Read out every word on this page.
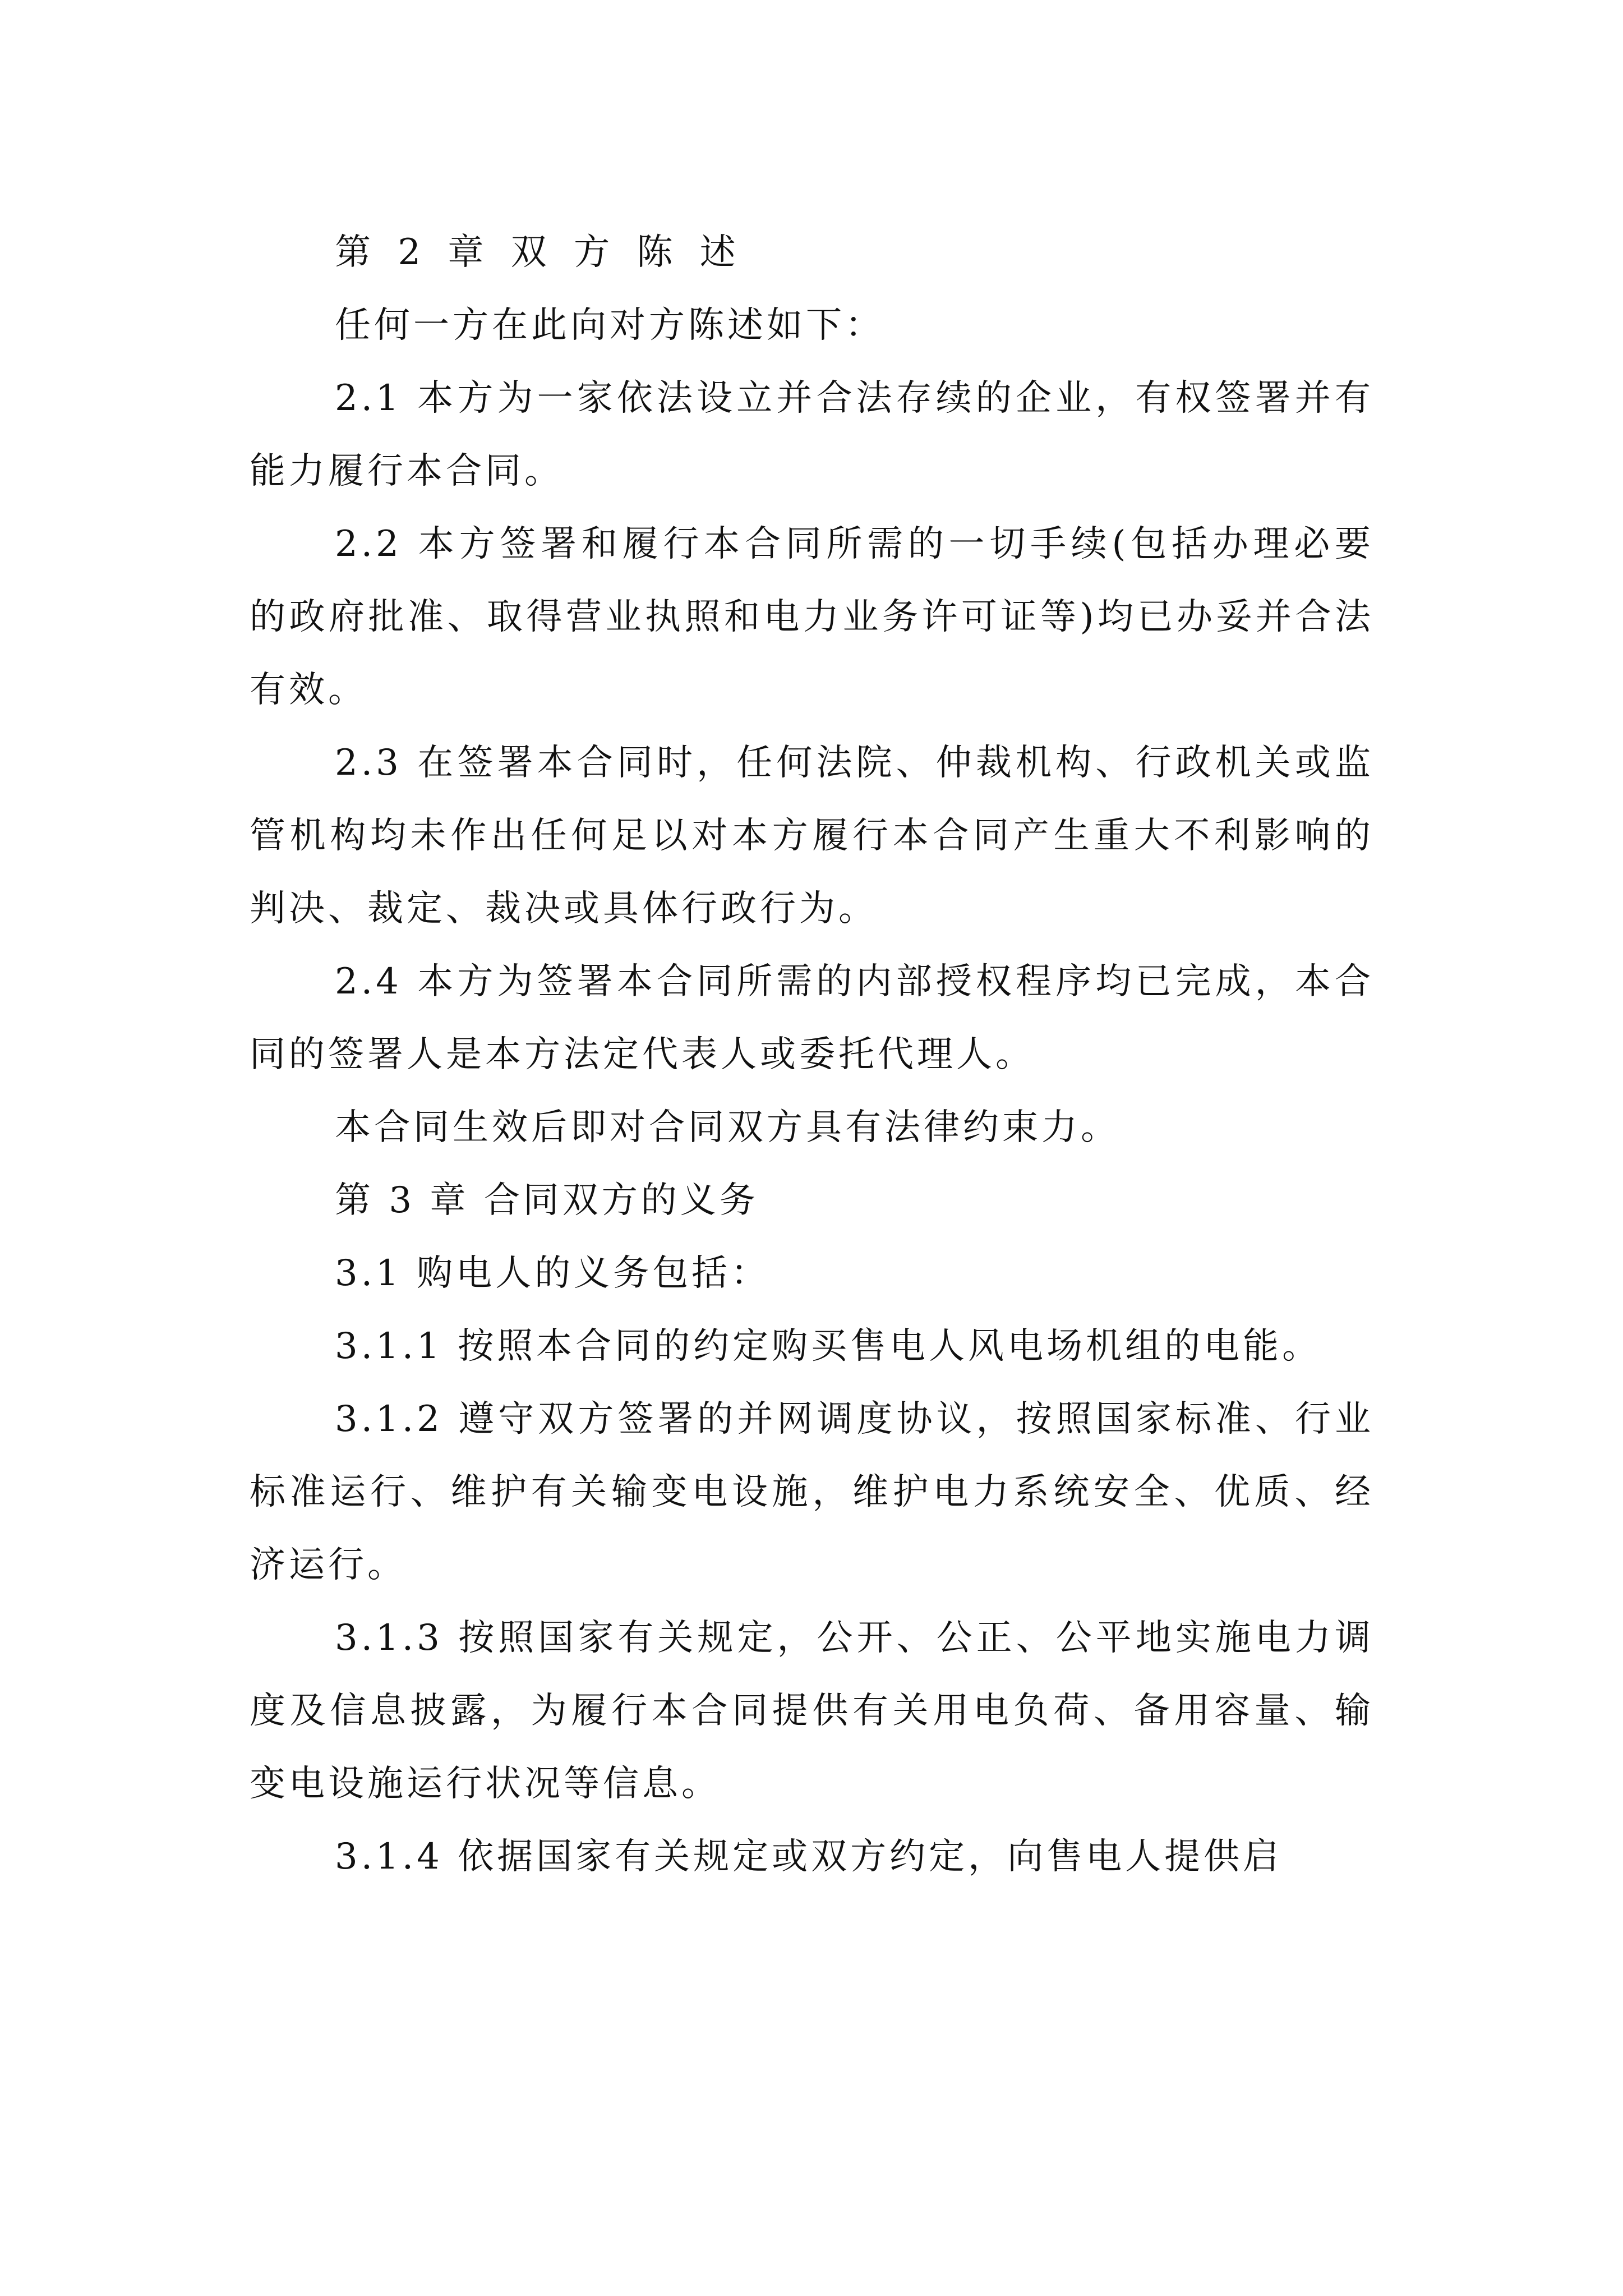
第 2 章 双 方 陈 述

任何一方在此向对方陈述如下：

2.1 本方为一家依法设立并合法存续的企业，有权签署并有能力履行本合同。

2.2 本方签署和履行本合同所需的一切手续(包括办理必要的政府批准、取得营业执照和电力业务许可证等)均已办妥并合法有效。

2.3 在签署本合同时，任何法院、仲裁机构、行政机关或监管机构均未作出任何足以对本方履行本合同产生重大不利影响的判决、裁定、裁决或具体行政行为。

2.4 本方为签署本合同所需的内部授权程序均已完成，本合同的签署人是本方法定代表人或委托代理人。

本合同生效后即对合同双方具有法律约束力。

第 3 章 合同双方的义务

3.1 购电人的义务包括：

3.1.1 按照本合同的约定购买售电人风电场机组的电能。

3.1.2 遵守双方签署的并网调度协议，按照国家标准、行业标准运行、维护有关输变电设施，维护电力系统安全、优质、经济运行。

3.1.3 按照国家有关规定，公开、公正、公平地实施电力调度及信息披露，为履行本合同提供有关用电负荷、备用容量、输变电设施运行状况等信息。

3.1.4 依据国家有关规定或双方约定，向售电人提供启
